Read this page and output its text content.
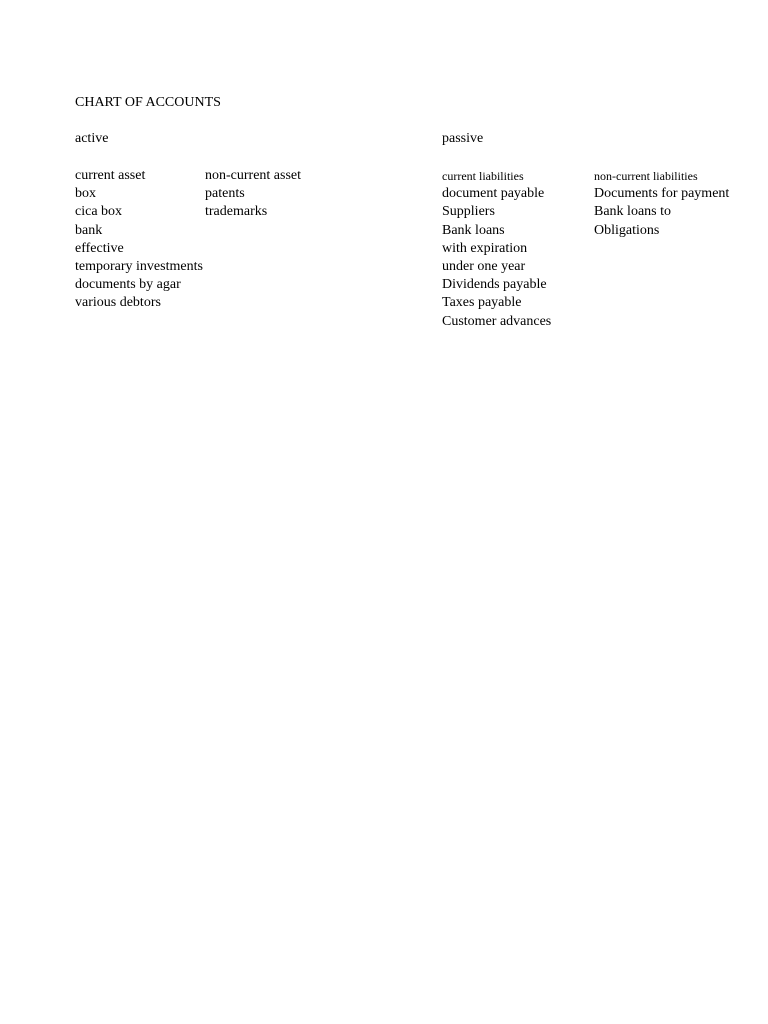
CHART OF ACCOUNTS
active	passive
current asset
box
cica box
bank
effective
temporary investments
documents by agar
various debtors
non-current asset
patents
trademarks
current liabilities
document payable
Suppliers
Bank loans
with expiration
under one year
Dividends payable
Taxes payable
Customer advances
non-current liabilities
Documents for payment
Bank loans to
Obligations
